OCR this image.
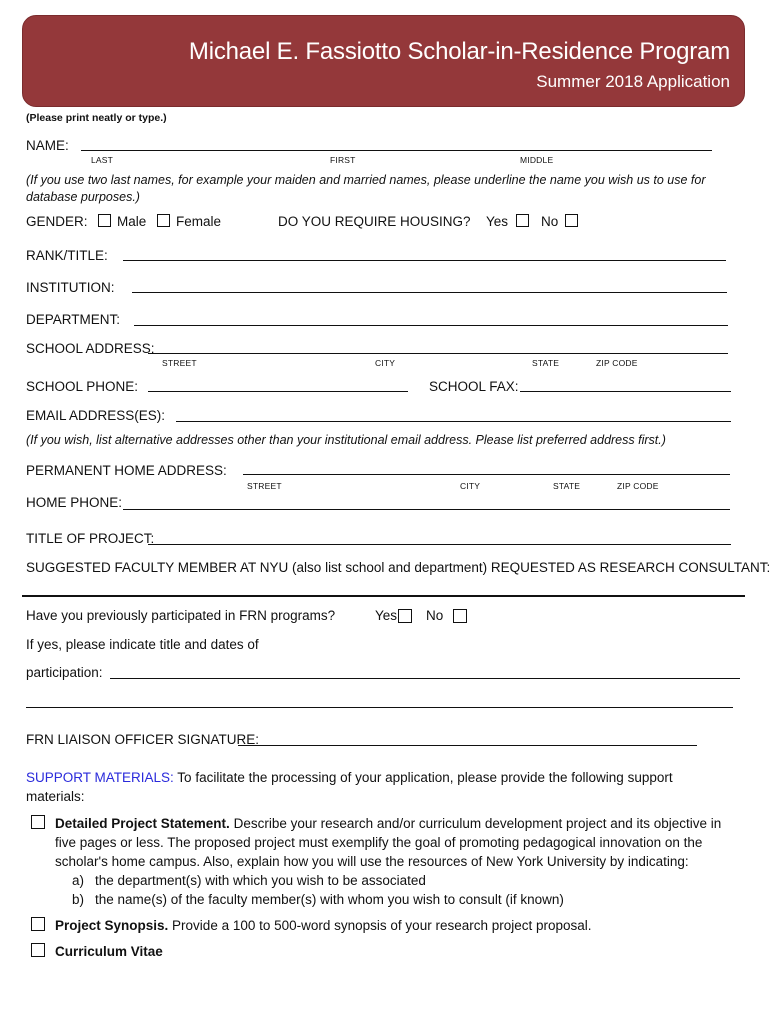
Michael E. Fassiotto Scholar-in-Residence Program
Summer 2018 Application
(Please print neatly or type.)
NAME:
LAST	FIRST	MIDDLE
(If you use two last names, for example your maiden and married names, please underline the name you wish us to use for database purposes.)
GENDER: Male Female	DO YOU REQUIRE HOUSING? Yes No
RANK/TITLE:
INSTITUTION:
DEPARTMENT:
SCHOOL ADDRESS:
STREET	CITY	STATE	ZIP CODE
SCHOOL PHONE:	SCHOOL FAX:
EMAIL ADDRESS(ES):
(If you wish, list alternative addresses other than your institutional email address. Please list preferred address first.)
PERMANENT HOME ADDRESS:
STREET	CITY	STATE	ZIP CODE
HOME PHONE:
TITLE OF PROJECT:
SUGGESTED FACULTY MEMBER AT NYU (also list school and department) REQUESTED AS RESEARCH CONSULTANT:
Have you previously participated in FRN programs?	Yes No
If yes, please indicate title and dates of
participation:
FRN LIAISON OFFICER SIGNATURE:
SUPPORT MATERIALS: To facilitate the processing of your application, please provide the following support
materials:
Detailed Project Statement. Describe your research and/or curriculum development project and its objective in
five pages or less. The proposed project must exemplify the goal of promoting pedagogical innovation on the
scholar's home campus. Also, explain how you will use the resources of New York University by indicating:
a) the department(s) with which you wish to be associated
b) the name(s) of the faculty member(s) with whom you wish to consult (if known)
Project Synopsis. Provide a 100 to 500-word synopsis of your research project proposal.
Curriculum Vitae
